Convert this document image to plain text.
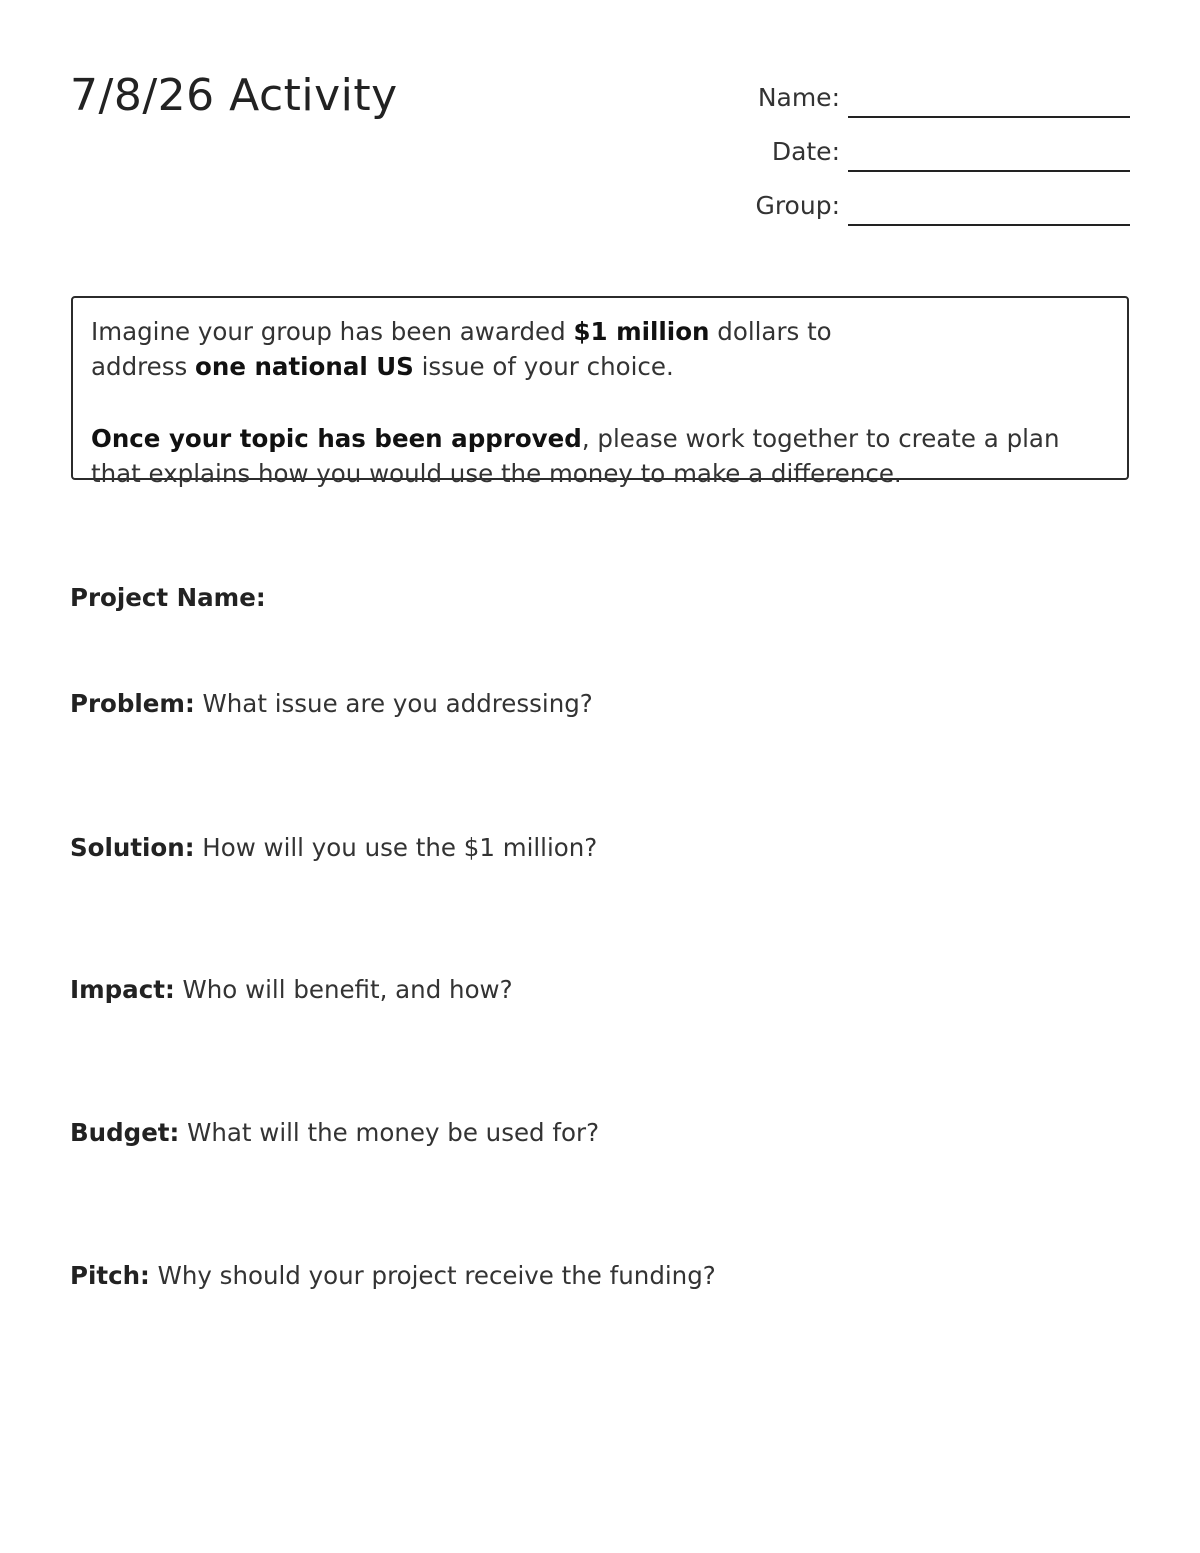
7/8/26 Activity	Name:
Date:
Group:

Imagine your group has been awarded $1 million dollars to
address one national US issue of your choice.

Once your topic has been approved, please work together to create a plan
that explains how you would use the money to make a difference.

Project Name:
Problem: What issue are you addressing?
Solution: How will you use the $1 million?
Impact: Who will benefit, and how?
Budget: What will the money be used for?
Pitch: Why should your project receive the funding?
